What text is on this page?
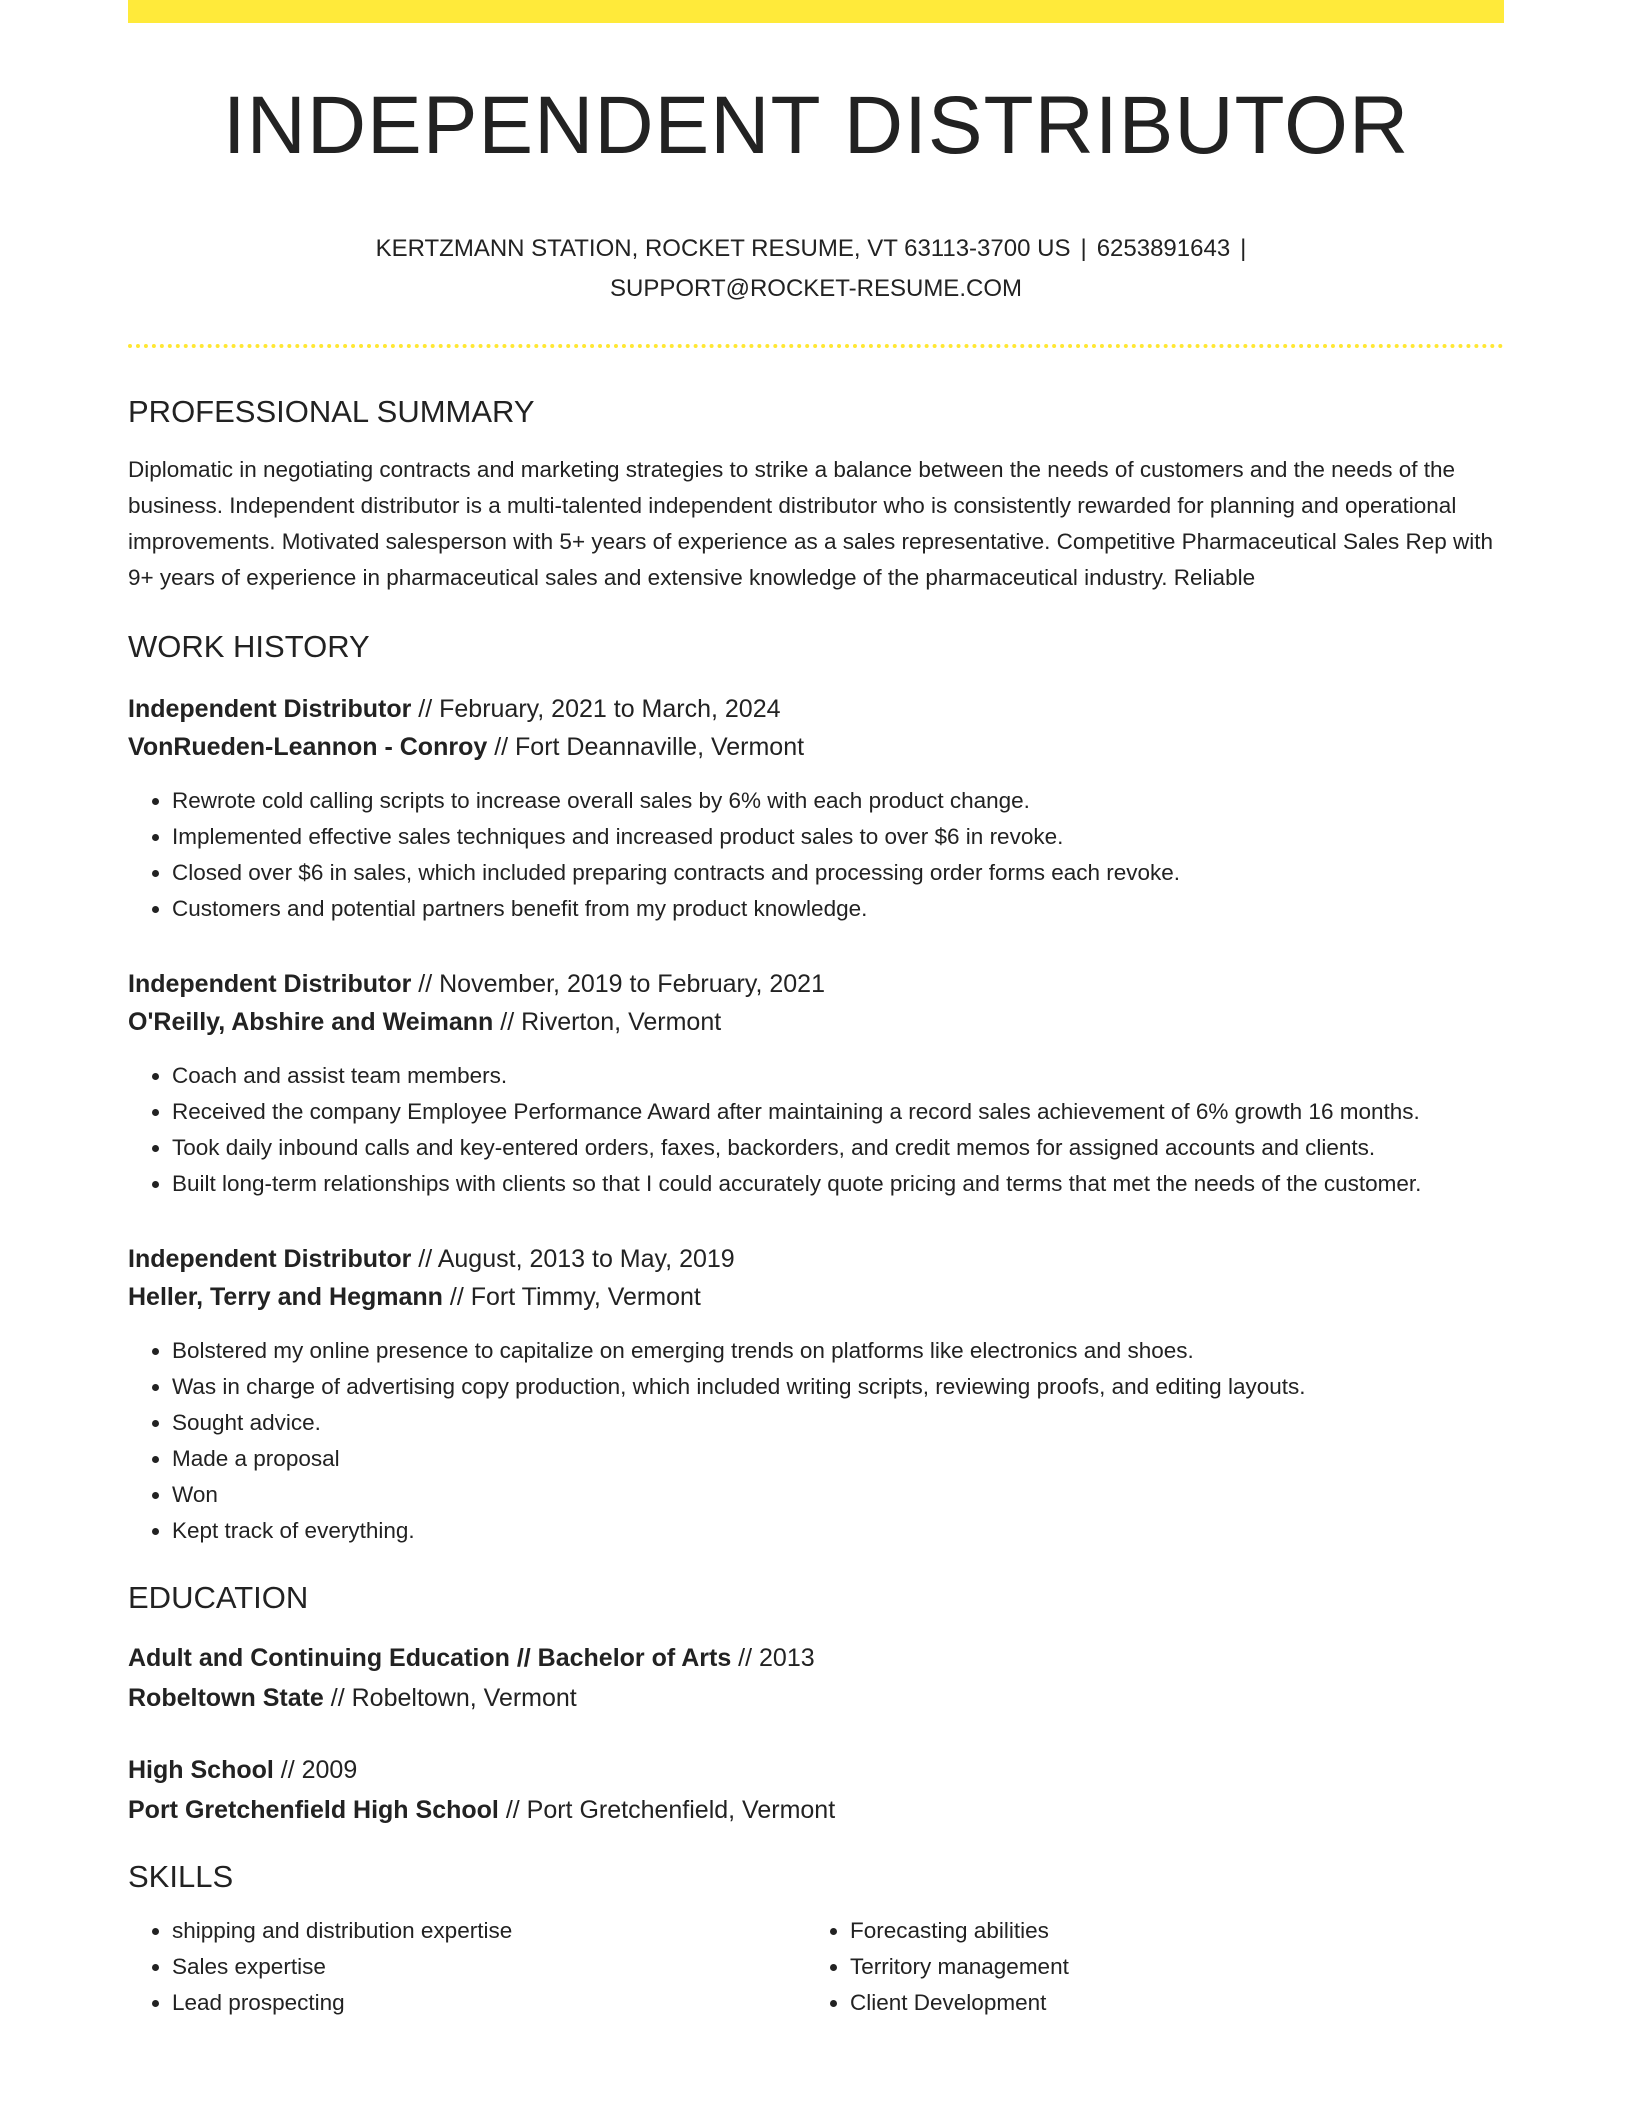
INDEPENDENT DISTRIBUTOR
KERTZMANN STATION, ROCKET RESUME, VT 63113-3700 US | 6253891643 |
SUPPORT@ROCKET-RESUME.COM
PROFESSIONAL SUMMARY

Diplomatic in negotiating contracts and marketing strategies to strike a balance between the needs of customers and the needs of the business. Independent distributor is a multi-talented independent distributor who is consistently rewarded for planning and operational improvements. Motivated salesperson with 5+ years of experience as a sales representative. Competitive Pharmaceutical Sales Rep with 9+ years of experience in pharmaceutical sales and extensive knowledge of the pharmaceutical industry. Reliable

WORK HISTORY
Independent Distributor // February, 2021 to March, 2024
VonRueden-Leannon - Conroy // Fort Deannaville, Vermont
• Rewrote cold calling scripts to increase overall sales by 6% with each product change.
• Implemented effective sales techniques and increased product sales to over $6 in revoke.
• Closed over $6 in sales, which included preparing contracts and processing order forms each revoke.
• Customers and potential partners benefit from my product knowledge.
Independent Distributor // November, 2019 to February, 2021
O'Reilly, Abshire and Weimann // Riverton, Vermont
• Coach and assist team members.
• Received the company Employee Performance Award after maintaining a record sales achievement of 6% growth 16 months.
• Took daily inbound calls and key-entered orders, faxes, backorders, and credit memos for assigned accounts and clients.
• Built long-term relationships with clients so that I could accurately quote pricing and terms that met the needs of the customer.
Independent Distributor // August, 2013 to May, 2019
Heller, Terry and Hegmann // Fort Timmy, Vermont
• Bolstered my online presence to capitalize on emerging trends on platforms like electronics and shoes.
• Was in charge of advertising copy production, which included writing scripts, reviewing proofs, and editing layouts.
• Sought advice.
• Made a proposal
• Won
• Kept track of everything.
EDUCATION
Adult and Continuing Education // Bachelor of Arts // 2013
Robeltown State // Robeltown, Vermont
High School // 2009
Port Gretchenfield High School // Port Gretchenfield, Vermont
SKILLS
• shipping and distribution expertise
• Sales expertise
• Lead prospecting
• Forecasting abilities
• Territory management
• Client Development
